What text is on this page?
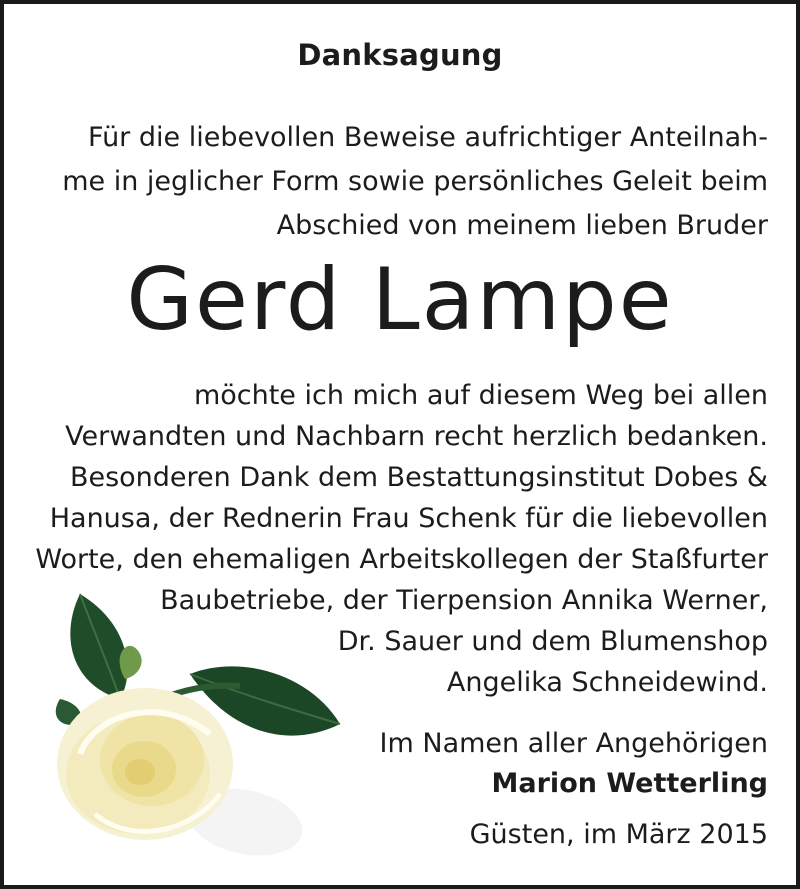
Danksagung
Für die liebevollen Beweise aufrichtiger Anteilnah-
me in jeglicher Form sowie persönliches Geleit beim
Abschied von meinem lieben Bruder
Gerd Lampe
möchte ich mich auf diesem Weg bei allen
Verwandten und Nachbarn recht herzlich bedanken.
Besonderen Dank dem Bestattungsinstitut Dobes &
Hanusa, der Rednerin Frau Schenk für die liebevollen
Worte, den ehemaligen Arbeitskollegen der Staßfurter
Baubetriebe, der Tierpension Annika Werner,
Dr. Sauer und dem Blumenshop
Angelika Schneidewind.
Im Namen aller Angehörigen
Marion Wetterling
Güsten, im März 2015
